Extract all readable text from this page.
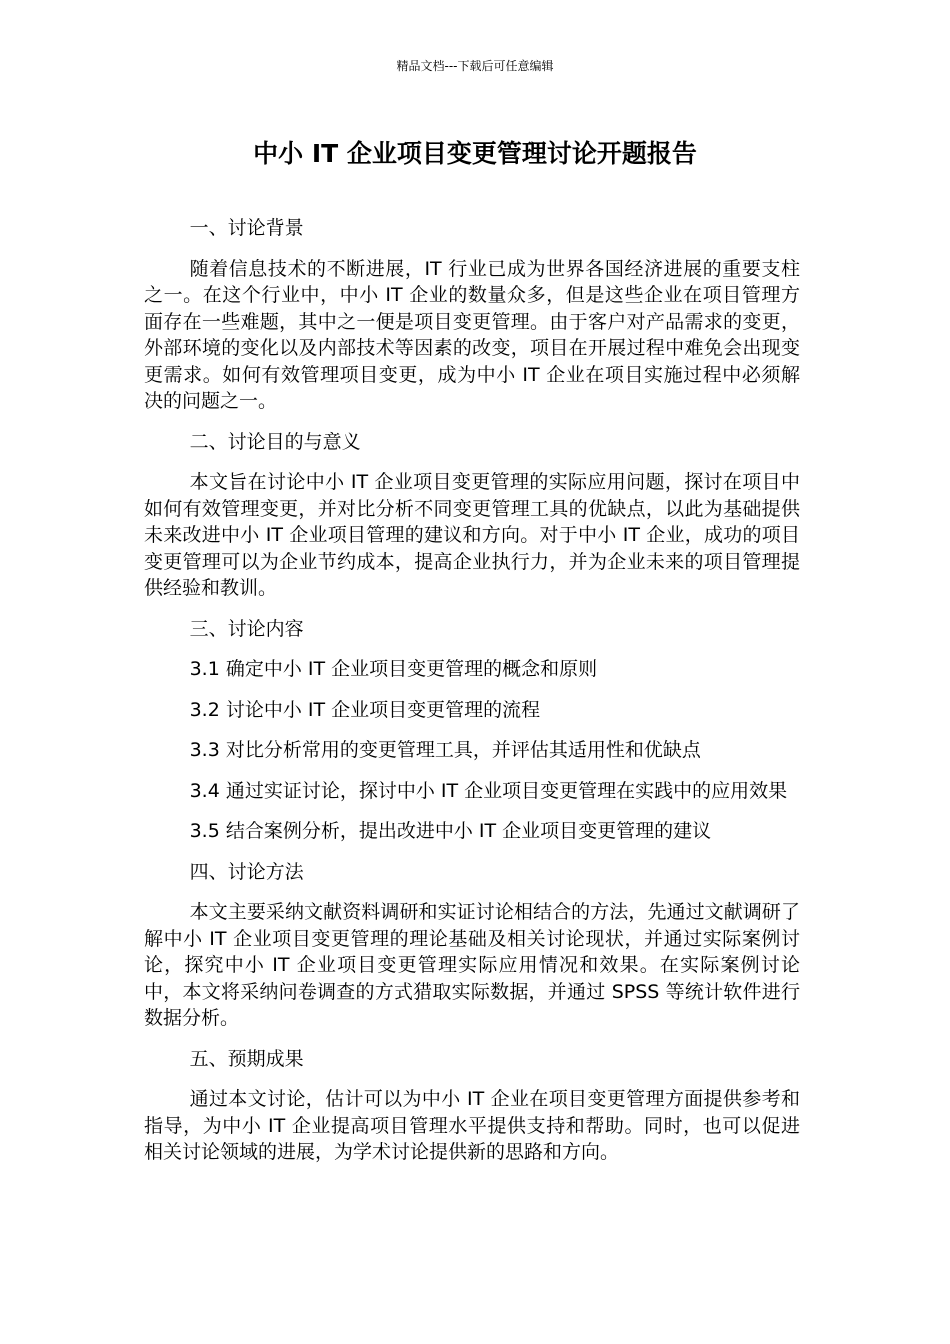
精品文档---下载后可任意编辑
中小 IT 企业项目变更管理讨论开题报告

一、讨论背景

随着信息技术的不断进展，IT 行业已成为世界各国经济进展的重要支柱之一。在这个行业中，中小 IT 企业的数量众多，但是这些企业在项目管理方面存在一些难题，其中之一便是项目变更管理。由于客户对产品需求的变更，外部环境的变化以及内部技术等因素的改变，项目在开展过程中难免会出现变更需求。如何有效管理项目变更，成为中小 IT 企业在项目实施过程中必须解决的问题之一。

二、讨论目的与意义

本文旨在讨论中小 IT 企业项目变更管理的实际应用问题，探讨在项目中如何有效管理变更，并对比分析不同变更管理工具的优缺点，以此为基础提供未来改进中小 IT 企业项目管理的建议和方向。对于中小 IT 企业，成功的项目变更管理可以为企业节约成本，提高企业执行力，并为企业未来的项目管理提供经验和教训。

三、讨论内容

3.1 确定中小 IT 企业项目变更管理的概念和原则

3.2 讨论中小 IT 企业项目变更管理的流程

3.3 对比分析常用的变更管理工具，并评估其适用性和优缺点

3.4 通过实证讨论，探讨中小 IT 企业项目变更管理在实践中的应用效果

3.5 结合案例分析，提出改进中小 IT 企业项目变更管理的建议

四、讨论方法

本文主要采纳文献资料调研和实证讨论相结合的方法，先通过文献调研了解中小 IT 企业项目变更管理的理论基础及相关讨论现状，并通过实际案例讨论，探究中小 IT 企业项目变更管理实际应用情况和效果。在实际案例讨论中，本文将采纳问卷调查的方式猎取实际数据，并通过 SPSS 等统计软件进行数据分析。

五、预期成果

通过本文讨论，估计可以为中小 IT 企业在项目变更管理方面提供参考和指导，为中小 IT 企业提高项目管理水平提供支持和帮助。同时，也可以促进相关讨论领域的进展，为学术讨论提供新的思路和方向。
